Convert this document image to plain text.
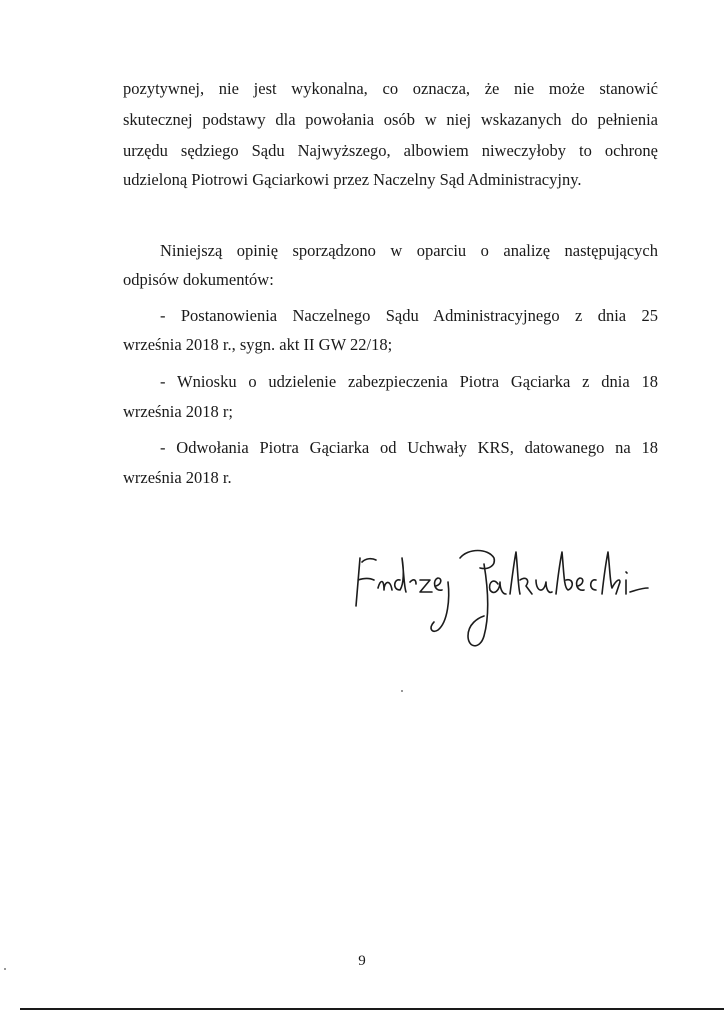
pozytywnej, nie jest wykonalna, co oznacza, że nie może stanowić

skutecznej podstawy dla powołania osób w niej wskazanych do pełnienia

urzędu sędziego Sądu Najwyższego, albowiem niweczyłoby to ochronę

udzieloną Piotrowi Gąciarkowi przez Naczelny Sąd Administracyjny.

Niniejszą opinię sporządzono w oparciu o analizę następujących

odpisów dokumentów:

- Postanowienia Naczelnego Sądu Administracyjnego z dnia 25

września 2018 r., sygn. akt II GW 22/18;

- Wniosku o udzielenie zabezpieczenia Piotra Gąciarka z dnia 18

września 2018 r;

- Odwołania Piotra Gąciarka od Uchwały KRS, datowanego na 18

września 2018 r.

9
